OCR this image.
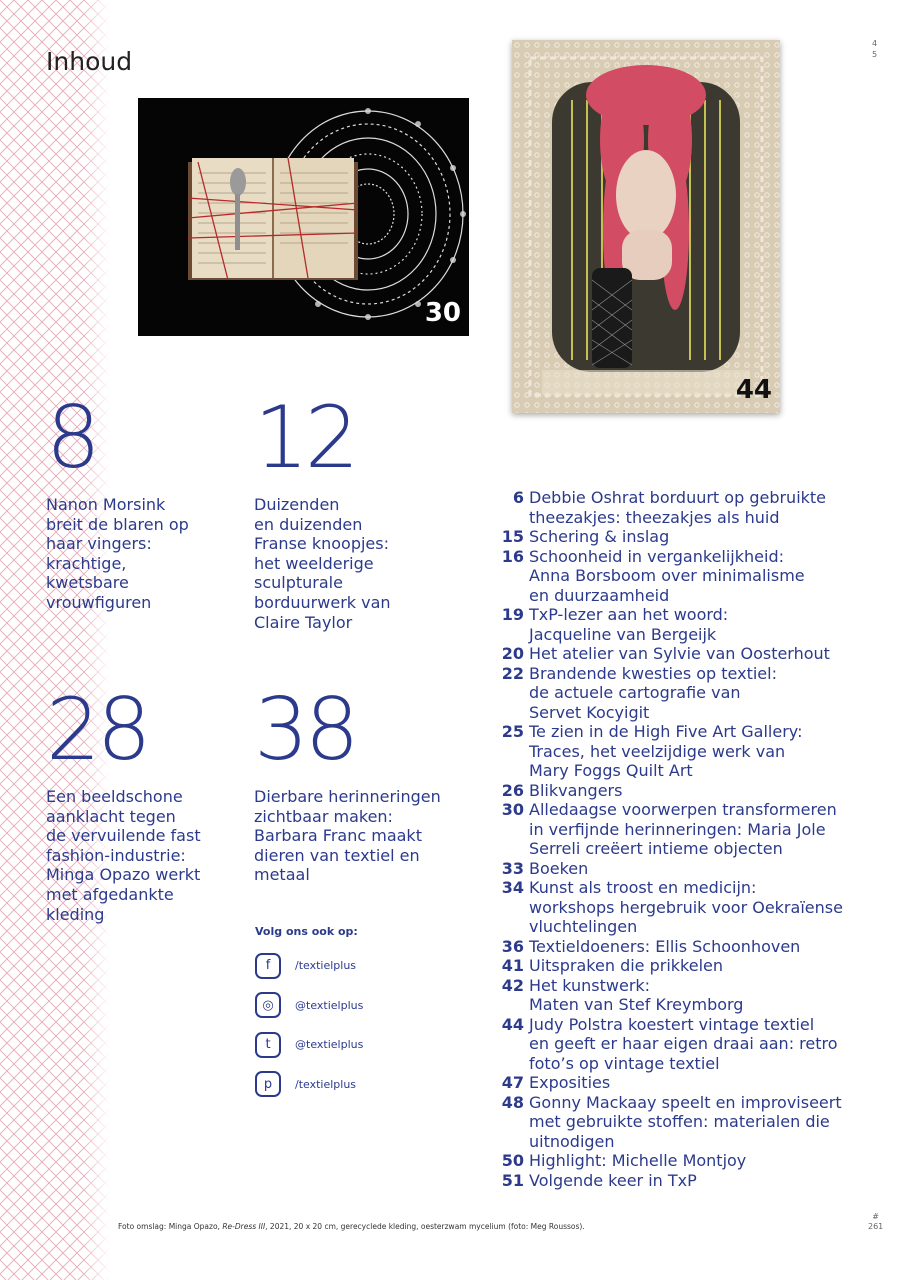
Inhoud
4
5
30
44
8
Nanon Morsink
breit de blaren op
haar vingers:
krachtige,
kwetsbare
vrouwfiguren
12
Duizenden
en duizenden
Franse knoopjes:
het weelderige
sculpturale
borduurwerk van
Claire Taylor
28
Een beeldschone
aanklacht tegen
de vervuilende fast
fashion-industrie:
Minga Opazo werkt
met afgedankte
kleding
38
Dierbare herinneringen
zichtbaar maken:
Barbara Franc maakt
dieren van textiel en
metaal
Volg ons ook op:
f	/textielplus
◎	@textielplus
t	@textielplus
p	/textielplus
6 Debbie Oshrat borduurt op gebruikte
theezakjes: theezakjes als huid
15 Schering & inslag
16 Schoonheid in vergankelijkheid:
Anna Borsboom over minimalisme
en duurzaamheid
19 TxP-lezer aan het woord:
Jacqueline van Bergeijk
20 Het atelier van Sylvie van Oosterhout
22 Brandende kwesties op textiel:
de actuele cartografie van
Servet Kocyigit
25 Te zien in de High Five Art Gallery:
Traces, het veelzijdige werk van
Mary Foggs Quilt Art
26 Blikvangers
30 Alledaagse voorwerpen transformeren
in verfijnde herinneringen: Maria Jole
Serreli creëert intieme objecten
33 Boeken
34 Kunst als troost en medicijn:
workshops hergebruik voor Oekraïense
vluchtelingen
36 Textieldoeners: Ellis Schoonhoven
41 Uitspraken die prikkelen
42 Het kunstwerk:
Maten van Stef Kreymborg
44 Judy Polstra koestert vintage textiel
en geeft er haar eigen draai aan: retro
foto’s op vintage textiel
47 Exposities
48 Gonny Mackaay speelt en improviseert
met gebruikte stoffen: materialen die
uitnodigen
50 Highlight: Michelle Montjoy
51 Volgende keer in TxP
Foto omslag: Minga Opazo, Re-Dress III, 2021, 20 x 20 cm, gerecyclede kleding, oesterzwam mycelium (foto: Meg Roussos).
#
261
